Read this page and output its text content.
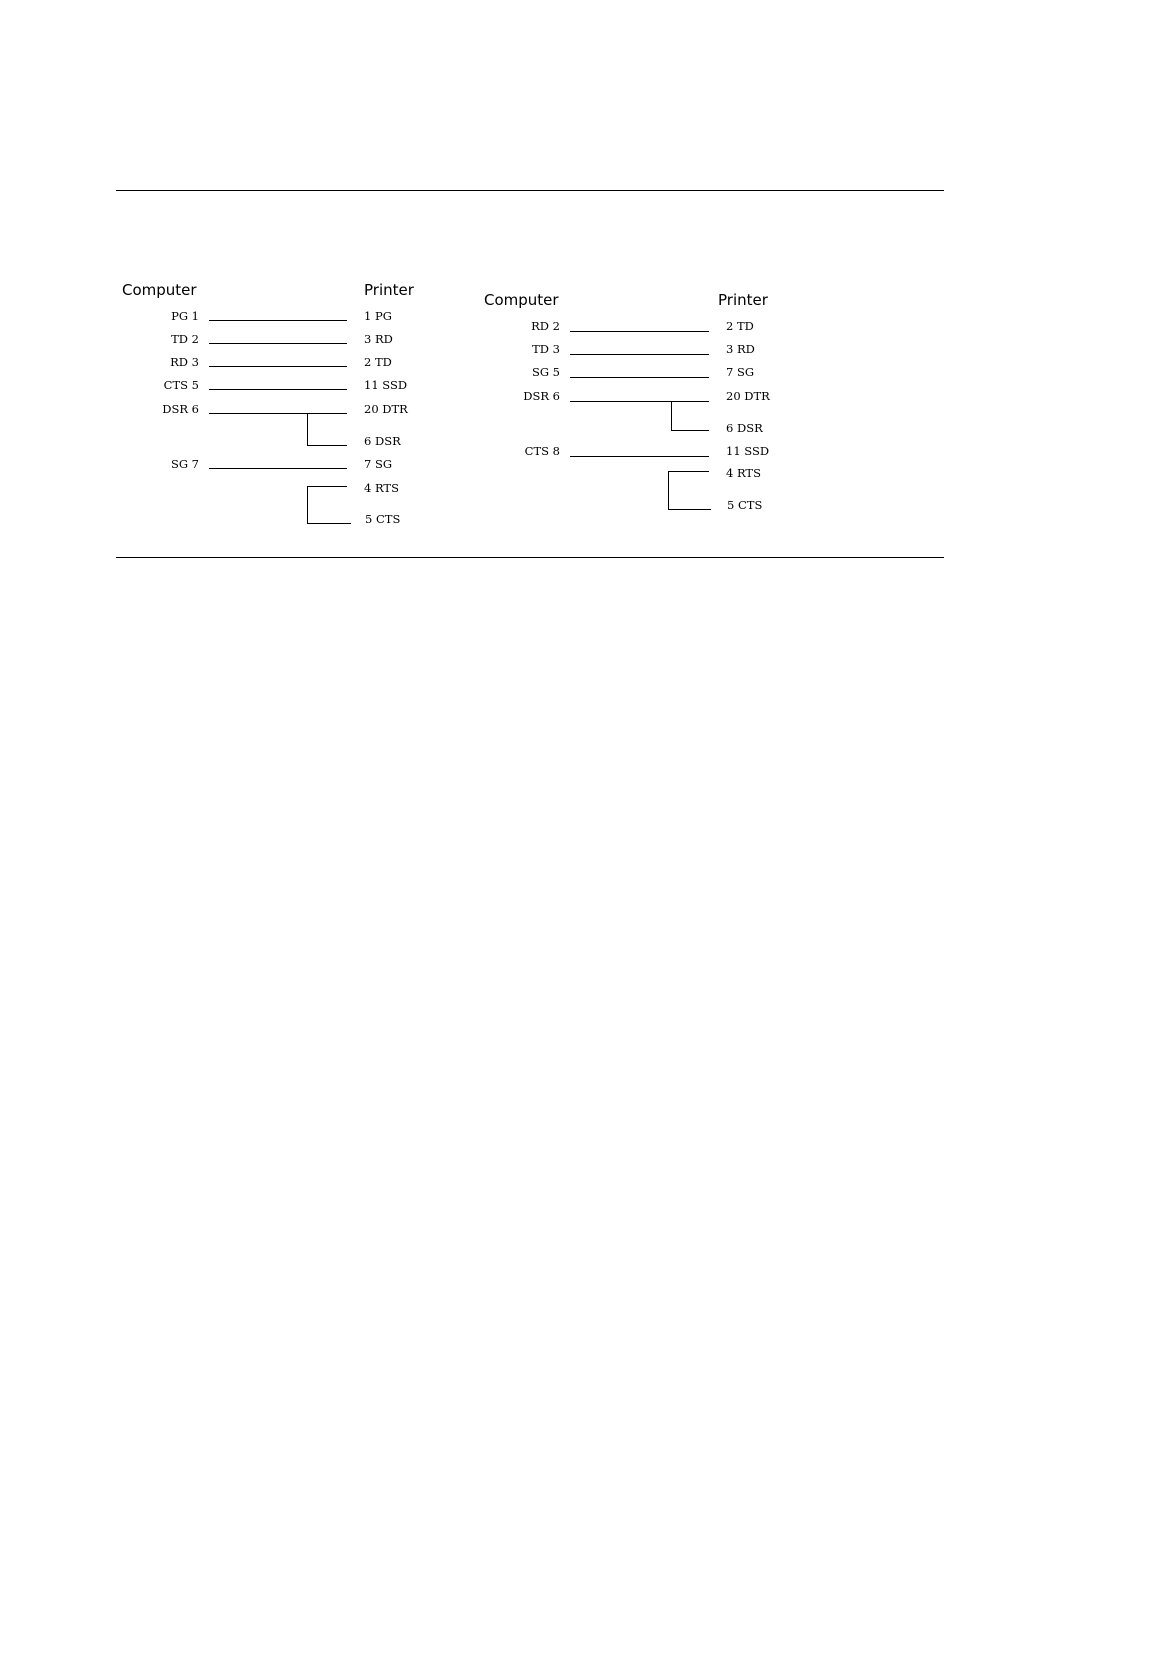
Computer	Printer
PG 1	1 PG
TD 2	3 RD
RD 3	2 TD
CTS 5	11 SSD
DSR 6	20 DTR
6 DSR
SG 7	7 SG
4 RTS
5 CTS
Computer	Printer
RD 2	2 TD
TD 3	3 RD
SG 5	7 SG
DSR 6	20 DTR
6 DSR
CTS 8	11 SSD
4 RTS
5 CTS
